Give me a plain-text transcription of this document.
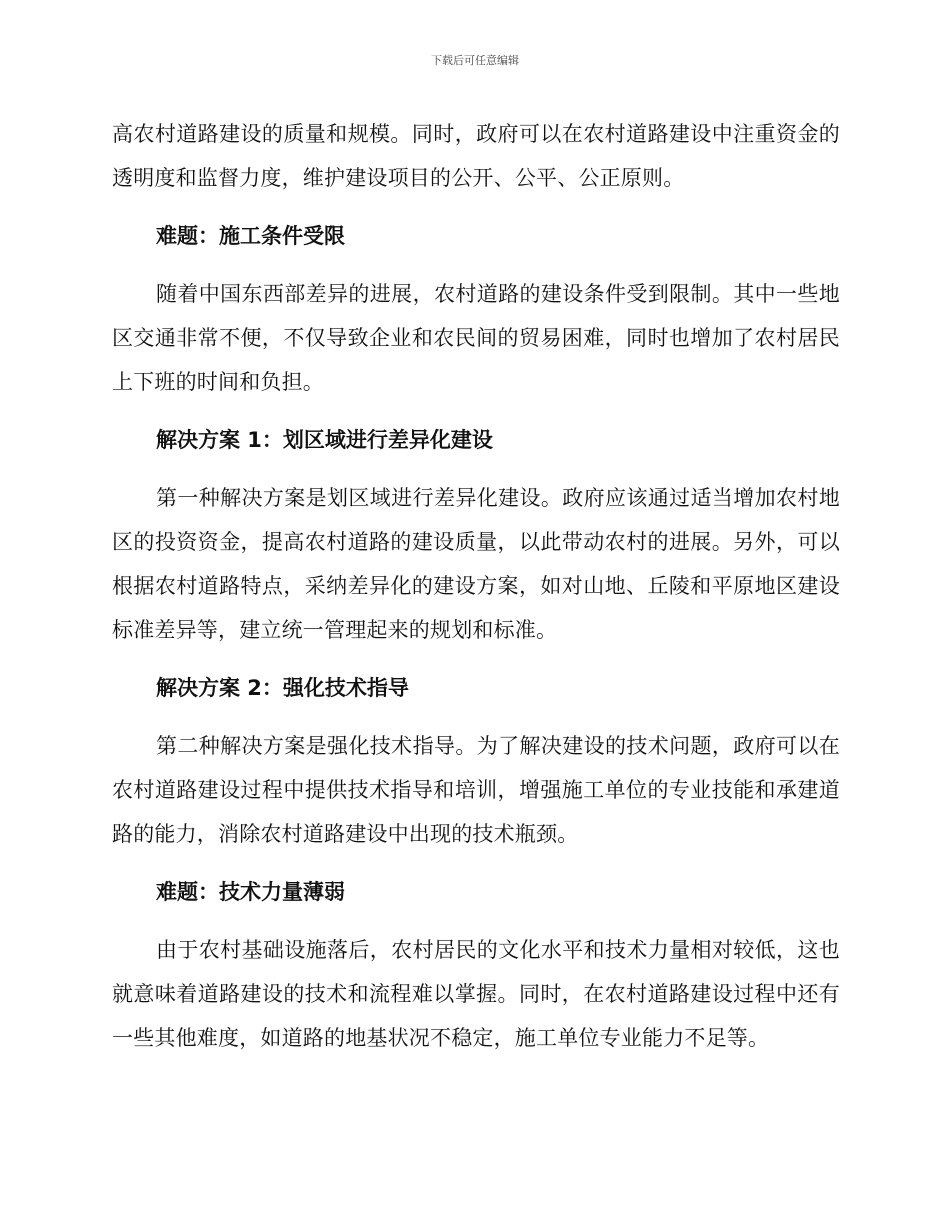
下载后可任意编辑

高农村道路建设的质量和规模。同时，政府可以在农村道路建设中注重资金的透明度和监督力度，维护建设项目的公开、公平、公正原则。

难题：施工条件受限

随着中国东西部差异的进展，农村道路的建设条件受到限制。其中一些地区交通非常不便，不仅导致企业和农民间的贸易困难，同时也增加了农村居民上下班的时间和负担。

解决方案 1：划区域进行差异化建设

第一种解决方案是划区域进行差异化建设。政府应该通过适当增加农村地区的投资资金，提高农村道路的建设质量，以此带动农村的进展。另外，可以根据农村道路特点，采纳差异化的建设方案，如对山地、丘陵和平原地区建设标准差异等，建立统一管理起来的规划和标准。

解决方案 2：强化技术指导

第二种解决方案是强化技术指导。为了解决建设的技术问题，政府可以在农村道路建设过程中提供技术指导和培训，增强施工单位的专业技能和承建道路的能力，消除农村道路建设中出现的技术瓶颈。

难题：技术力量薄弱

由于农村基础设施落后，农村居民的文化水平和技术力量相对较低，这也就意味着道路建设的技术和流程难以掌握。同时，在农村道路建设过程中还有一些其他难度，如道路的地基状况不稳定，施工单位专业能力不足等。
